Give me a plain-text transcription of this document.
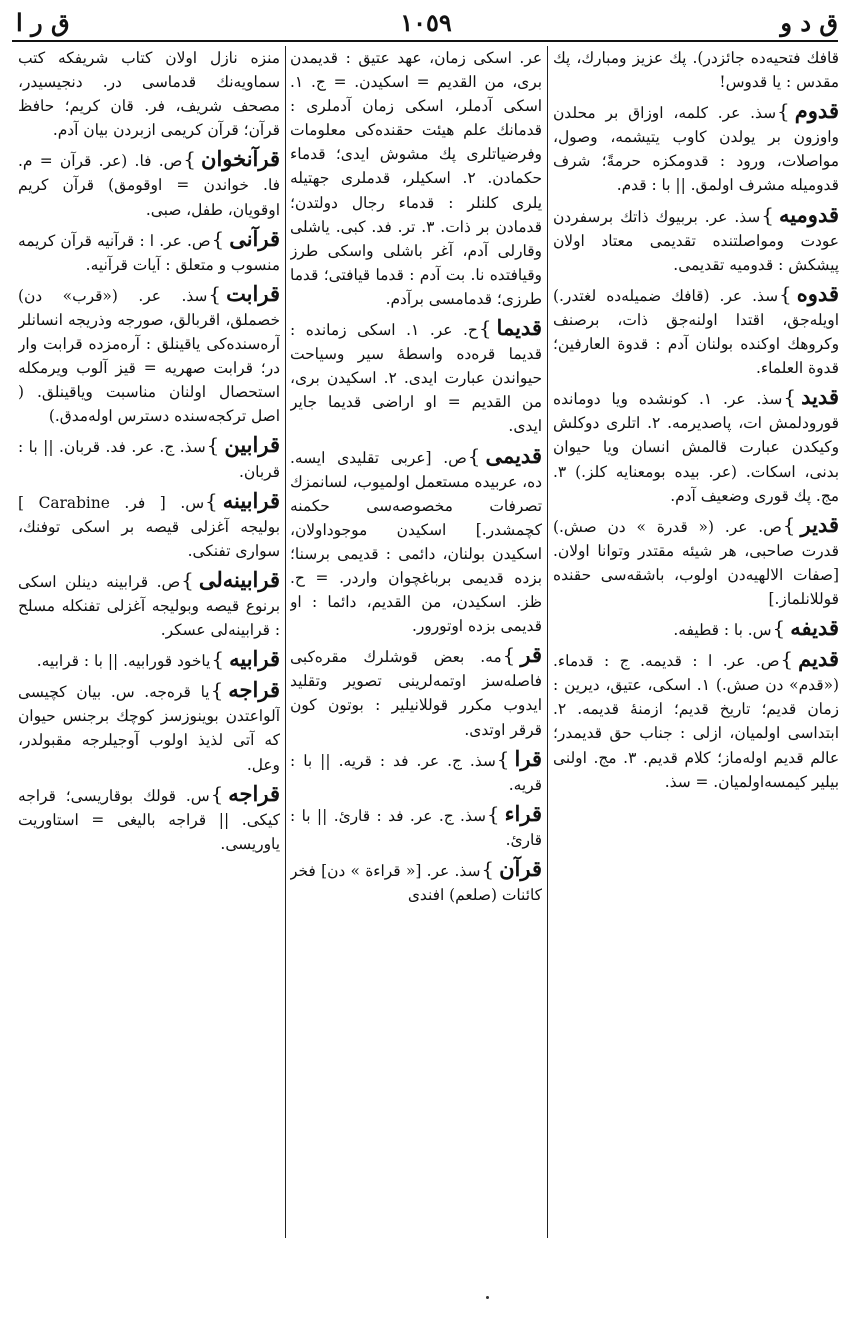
ق د و
١٠٥٩
ق ر ا

قافك فتحيه‌ده جائزدر). پك عزيز ومبارك، پك مقدس : يا قدوس!

قدوم}سذ. عر. كلمه، اوزاق بر محلدن واوزون بر يولدن كاوب يتيشمه، وصول، مواصلات، ورود : قدومكزه حرمةً؛ شرف قدوميله مشرف اولمق. || با : قدم.

قدوميه}سذ. عر. بربيوك ذاتك برسفردن عودت ومواصلتنده تقديمى معتاد اولان پيشكش : قدوميه تقديمى.

قدوه}سذ. عر. (قافك ضميله‌ده لغتدر.) اويله‌جق، اقتدا اولنه‌جق ذات، برصنف وكروهك اوكنده بولنان آدم : قدوة العارفين؛ قدوة العلماء.

قديد}سذ. عر. ١. كونشده ويا دومانده قورودلمش ات، پاصديرمه. ٢. اتلرى دوكلش وكيكدن عبارت قالمش انسان ويا حيوان بدنى، اسكات. (عر. بيده بومعنايه كلز.) ٣. مج. پك قورى وضعيف آدم.

قدير}ص. عر. (« قدرة » دن صش.) قدرت صاحبى، هر شيئه مقتدر وتوانا اولان. [صفات الالهيه‌دن اولوب، باشقه‌سى حقنده قوللانلماز.]

قديفه}س. با : قطيفه.

قديم}ص. عر. ا : قديمه. ج : قدماء. («قدم» دن صش.) ١. اسكى، عتيق، ديرين : زمان قديم؛ تاريخ قديم؛ ازمنهٔ قديمه. ٢. ابتداسى اولميان، ازلى : جناب حق قديمدر؛ عالم قديم اولەماز؛ كلام قديم. ٣. مج. اولنى بيلير كيمسه‌اولميان. = سذ.

عر. اسكى زمان، عهد عتيق : قديمدن برى، من القديم = اسكيدن. = ج. ١. اسكى آدملر، اسكى زمان آدملرى : قدمانك علم هيئت حقنده‌كى معلومات وفرضياتلرى پك مشوش ايدى؛ قدماء حكمادن. ٢. اسكيلر، قدملرى جهتيله يلرى كلنلر : قدماء رجال دولتدن؛ قدمادن بر ذات. ٣. تر. فد. كبى. ياشلى وقارلى آدم، آغر باشلى واسكى طرز وقيافتده نا. بت آدم : قدما قيافتى؛ قدما طرزى؛ قدمامسى برآدم.

قديما}ح. عر. ١. اسكى زمانده : قديما قرەده واسطهٔ سير وسياحت حيواندن عبارت ايدى. ٢. اسكيدن برى، من القديم = او اراضى قديما جاير ايدى.

قديمى}ص. [عربى تقليدى ايسه. ده، عربيده مستعمل اولميوب، لسانمزك تصرفات مخصوصه‌سى حكمنه كچمشدر.] اسكيدن موجوداولان، اسكيدن بولنان، دائمى : قديمى برسنا؛ بزده قديمى برباغچوان واردر. = ح. ظز. اسكيدن، من القديم، دائما : او قديمى بزده اوتورور.

قر}مه. بعض قوشلرك مقره‌كبى فاصله‌سز اوتمه‌لرينى تصوير وتقليد ايدوب مكرر قوللانيلير : بوتون كون قرقر اوتدى.

قرا}سذ. ج. عر. فد : قريه. || با : قريه.

قراء}سذ. ج. عر. فد : قارئ. || با : قارئ.

قرآن}سذ. عر. [« قراءة » دن] فخر كائنات (صلعم) افندى‌

منزه نازل اولان كتاب شريفكه كتب سماويه‌نك قدماسى در. دنجيسيدر، مصحف شريف، فر. قان كريم؛ حافظ قرآن؛ قرآن كريمى ازبردن بيان آدم.

قرآنخوان}ص. فا. (عر. قرآن = م. فا. خواندن = اوقومق) قرآن كريم اوقويان، طفل، صبى.

قرآنى}ص. عر. ا : قرآنيه قرآن كريمه منسوب و متعلق : آيات قرآنيه.

قرابت}سذ. عر. («قرب» دن) خصملق، اقربالق، صورجه وذريجه انسانلر آره‌سنده‌كى ياقينلق : آره‌مزده قرابت وار در؛ قرابت صهريه = قيز آلوب ويرمكله استحصال اولنان مناسبت وياقينلق. ( اصل تركجه‌سنده دسترس اوله‌مدق.)

قرابين}سذ. ج. عر. فد. قربان. || با : قربان.

قرابينه}س. [ فر. Carabine ] بوليجه آغزلى قيصه بر اسكى توفنك، سوارى تفنكى.

قرابينه‌لى}ص. قرابينه دينلن اسكى برنوع قيصه وبوليجه آغزلى تفنكله مسلح : قرابينه‌لى عسكر.

قرابيه}ياخود قورابيه. || با : قرابيه.

قراجه}يا قرەجه. س. بيان كچيسى آلواعتدن بوينوزسز كوچك برجنس حيوان كه آتى لذيذ اولوب آوجيلرجه مقبولدر، وعل.

قراجه}س. قولك بوقاريسى؛ قراجه كيكى. || قراجه باليغى = استاوريت ياوريسى.
